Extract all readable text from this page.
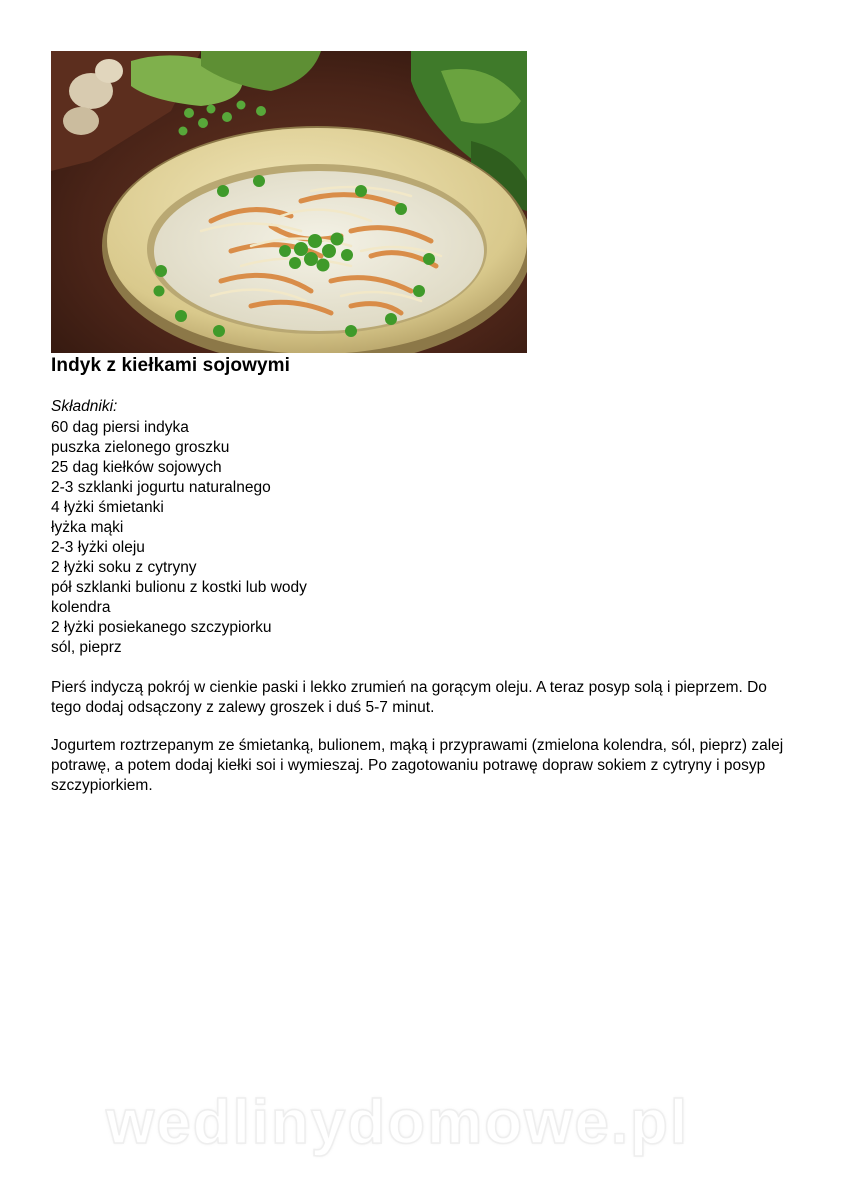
Indyk z kiełkami sojowymi
Składniki:
60 dag piersi indyka
puszka zielonego groszku
25 dag kiełków sojowych
2-3 szklanki jogurtu naturalnego
4 łyżki śmietanki
łyżka mąki
2-3 łyżki oleju
2 łyżki soku z cytryny
pół szklanki bulionu z kostki lub wody
kolendra
2 łyżki posiekanego szczypiorku
sól, pieprz

Pierś indyczą pokrój w cienkie paski i lekko zrumień na gorącym oleju. A teraz posyp solą i pieprzem. Do tego dodaj odsączony z zalewy groszek i duś 5-7 minut.

Jogurtem roztrzepanym ze śmietanką, bulionem, mąką i przyprawami (zmielona kolendra, sól, pieprz) zalej potrawę, a potem dodaj kiełki soi i wymieszaj. Po zagotowaniu potrawę dopraw sokiem z cytryny i posyp szczypiorkiem.

wedlinydomowe.pl
